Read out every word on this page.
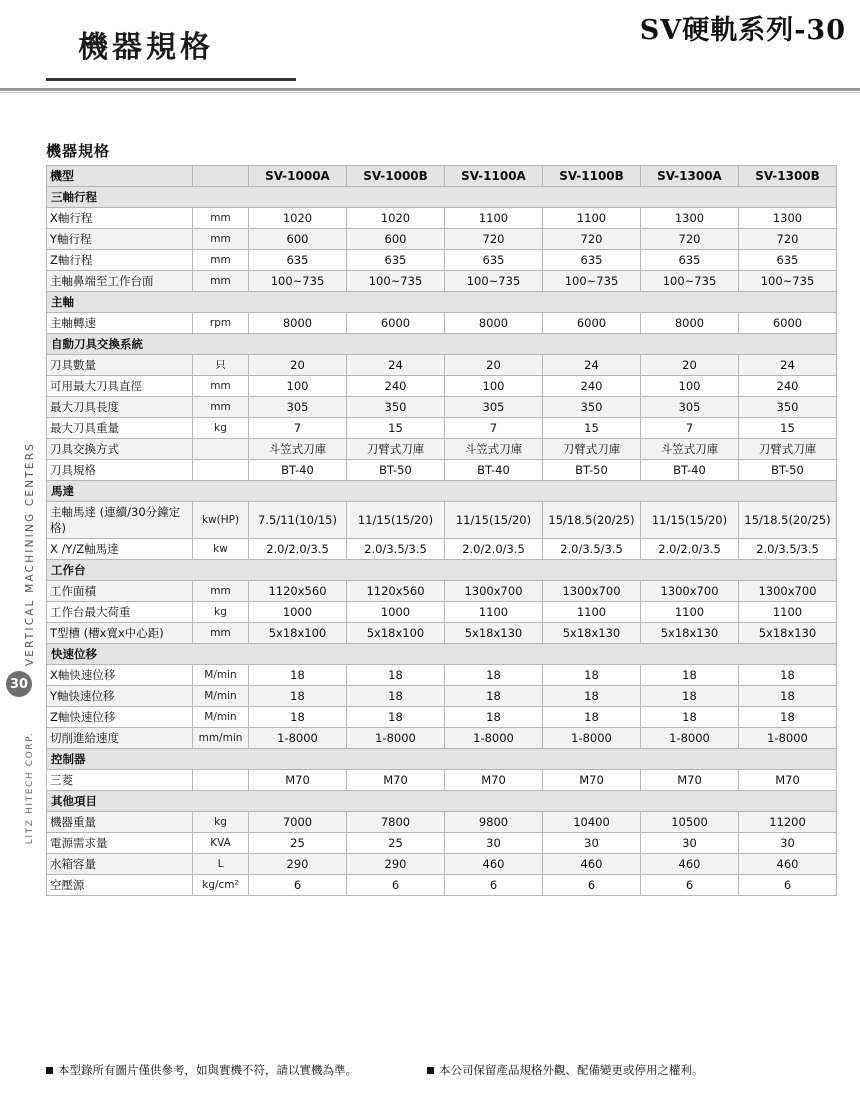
SV硬軌系列-30
機器規格
VERTICAL MACHINING CENTERS
LITZ HITECH CORP.
30
機器規格
機型		SV-1000A	SV-1000B	SV-1100A	SV-1100B	SV-1300A	SV-1300B
三軸行程							
X軸行程	mm	1020	1020	1100	1100	1300	1300
Y軸行程	mm	600	600	720	720	720	720
Z軸行程	mm	635	635	635	635	635	635
主軸鼻端至工作台面	mm	100~735	100~735	100~735	100~735	100~735	100~735
主軸							
主軸轉速	rpm	8000	6000	8000	6000	8000	6000
自動刀具交換系統							
刀具數量	只	20	24	20	24	20	24
可用最大刀具直徑	mm	100	240	100	240	100	240
最大刀具長度	mm	305	350	305	350	305	350
最大刀具重量	kg	7	15	7	15	7	15
刀具交換方式		斗笠式刀庫	刀臂式刀庫	斗笠式刀庫	刀臂式刀庫	斗笠式刀庫	刀臂式刀庫
刀具規格		BT-40	BT-50	BT-40	BT-50	BT-40	BT-50
馬達							
主軸馬達 (連續/30分鐘定格)	kw(HP)	7.5/11(10/15)	11/15(15/20)	11/15(15/20)	15/18.5(20/25)	11/15(15/20)	15/18.5(20/25)
X /Y/Z軸馬達	kw	2.0/2.0/3.5	2.0/3.5/3.5	2.0/2.0/3.5	2.0/3.5/3.5	2.0/2.0/3.5	2.0/3.5/3.5
工作台							
工作面積	mm	1120x560	1120x560	1300x700	1300x700	1300x700	1300x700
工作台最大荷重	kg	1000	1000	1100	1100	1100	1100
T型槽 (槽x寬x中心距)	mm	5x18x100	5x18x100	5x18x130	5x18x130	5x18x130	5x18x130
快速位移							
X軸快速位移	M/min	18	18	18	18	18	18
Y軸快速位移	M/min	18	18	18	18	18	18
Z軸快速位移	M/min	18	18	18	18	18	18
切削進給速度	mm/min	1-8000	1-8000	1-8000	1-8000	1-8000	1-8000
控制器							
三菱		M70	M70	M70	M70	M70	M70
其他項目							
機器重量	kg	7000	7800	9800	10400	10500	11200
電源需求量	KVA	25	25	30	30	30	30
水箱容量	L	290	290	460	460	460	460
空壓源	kg/cm²	6	6	6	6	6	6
本型錄所有圖片僅供參考，如與實機不符，請以實機為準。	本公司保留產品規格外觀、配備變更或停用之權利。
